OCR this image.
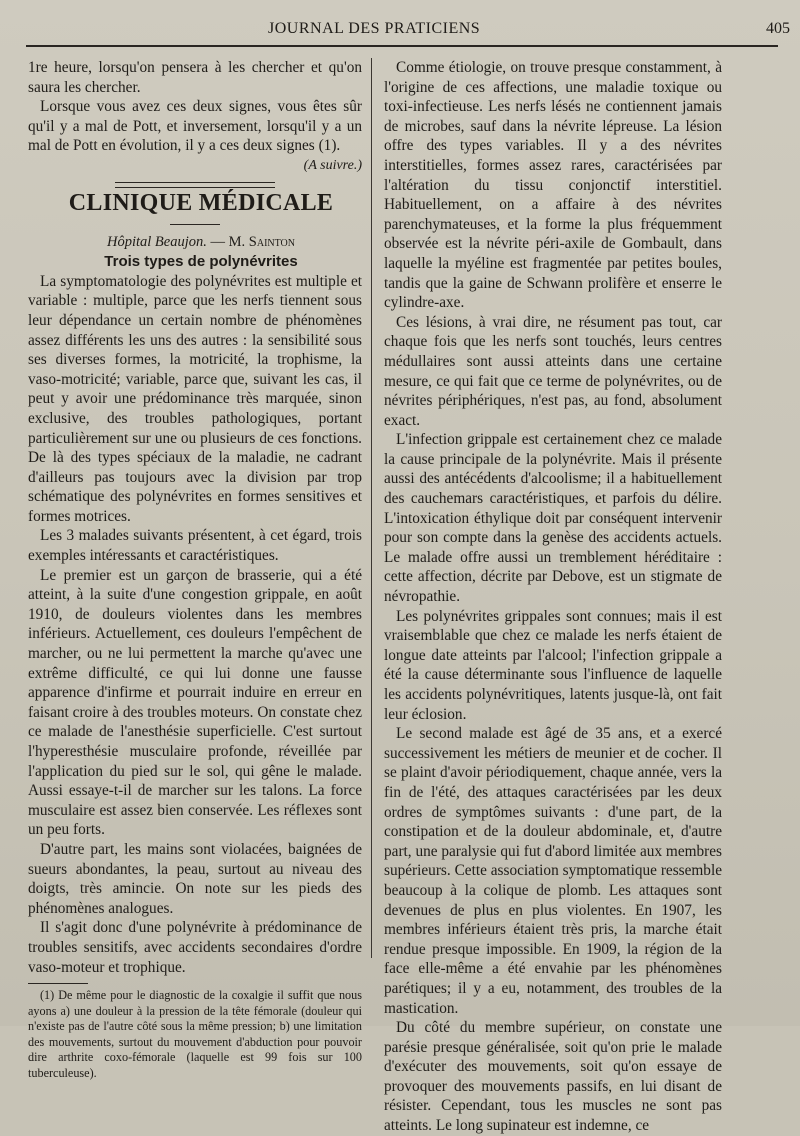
JOURNAL DES PRATICIENS	405

1re heure, lorsqu'on pensera à les chercher et qu'on saura les chercher.

Lorsque vous avez ces deux signes, vous êtes sûr qu'il y a mal de Pott, et inversement, lorsqu'il y a un mal de Pott en évolution, il y a ces deux signes (1).

(A suivre.)

CLINIQUE MÉDICALE

Hôpital Beaujon. — M. Sainton

Trois types de polynévrites

La symptomatologie des polynévrites est multiple et variable : multiple, parce que les nerfs tiennent sous leur dépendance un certain nombre de phénomènes assez différents les uns des autres : la sensibilité sous ses diverses formes, la motricité, la trophisme, la vaso-motricité; variable, parce que, suivant les cas, il peut y avoir une prédominance très marquée, sinon exclusive, des troubles pathologiques, portant particulièrement sur une ou plusieurs de ces fonctions. De là des types spéciaux de la maladie, ne cadrant d'ailleurs pas toujours avec la division par trop schématique des polynévrites en formes sensitives et formes motrices.

Les 3 malades suivants présentent, à cet égard, trois exemples intéressants et caractéristiques.

Le premier est un garçon de brasserie, qui a été atteint, à la suite d'une congestion grippale, en août 1910, de douleurs violentes dans les membres inférieurs. Actuellement, ces douleurs l'empêchent de marcher, ou ne lui permettent la marche qu'avec une extrême difficulté, ce qui lui donne une fausse apparence d'infirme et pourrait induire en erreur en faisant croire à des troubles moteurs. On constate chez ce malade de l'anesthésie superficielle. C'est surtout l'hyperesthésie musculaire profonde, réveillée par l'application du pied sur le sol, qui gêne le malade. Aussi essaye-t-il de marcher sur les talons. La force musculaire est assez bien conservée. Les réflexes sont un peu forts.

D'autre part, les mains sont violacées, baignées de sueurs abondantes, la peau, surtout au niveau des doigts, très amincie. On note sur les pieds des phénomènes analogues.

Il s'agit donc d'une polynévrite à prédominance de troubles sensitifs, avec accidents secondaires d'ordre vaso-moteur et trophique.

(1) De même pour le diagnostic de la coxalgie il suffit que nous ayons a) une douleur à la pression de la tête fémorale (douleur qui n'existe pas de l'autre côté sous la même pression; b) une limitation des mouvements, surtout du mouvement d'abduction pour pouvoir dire arthrite coxo-fémorale (laquelle est 99 fois sur 100 tuberculeuse).

Comme étiologie, on trouve presque constamment, à l'origine de ces affections, une maladie toxique ou toxi-infectieuse. Les nerfs lésés ne contiennent jamais de microbes, sauf dans la névrite lépreuse. La lésion offre des types variables. Il y a des névrites interstitielles, formes assez rares, caractérisées par l'altération du tissu conjonctif interstitiel. Habituellement, on a affaire à des névrites parenchymateuses, et la forme la plus fréquemment observée est la névrite péri-axile de Gombault, dans laquelle la myéline est fragmentée par petites boules, tandis que la gaine de Schwann prolifère et enserre le cylindre-axe.

Ces lésions, à vrai dire, ne résument pas tout, car chaque fois que les nerfs sont touchés, leurs centres médullaires sont aussi atteints dans une certaine mesure, ce qui fait que ce terme de polynévrites, ou de névrites périphériques, n'est pas, au fond, absolument exact.

L'infection grippale est certainement chez ce malade la cause principale de la polynévrite. Mais il présente aussi des antécédents d'alcoolisme; il a habituellement des cauchemars caractéristiques, et parfois du délire. L'intoxication éthylique doit par conséquent intervenir pour son compte dans la genèse des accidents actuels. Le malade offre aussi un tremblement héréditaire : cette affection, décrite par Debove, est un stigmate de névropathie.

Les polynévrites grippales sont connues; mais il est vraisemblable que chez ce malade les nerfs étaient de longue date atteints par l'alcool; l'infection grippale a été la cause déterminante sous l'influence de laquelle les accidents polynévritiques, latents jusque-là, ont fait leur éclosion.

Le second malade est âgé de 35 ans, et a exercé successivement les métiers de meunier et de cocher. Il se plaint d'avoir périodiquement, chaque année, vers la fin de l'été, des attaques caractérisées par les deux ordres de symptômes suivants : d'une part, de la constipation et de la douleur abdominale, et, d'autre part, une paralysie qui fut d'abord limitée aux membres supérieurs. Cette association symptomatique ressemble beaucoup à la colique de plomb. Les attaques sont devenues de plus en plus violentes. En 1907, les membres inférieurs étaient très pris, la marche était rendue presque impossible. En 1909, la région de la face elle-même a été envahie par les phénomènes parétiques; il y a eu, notamment, des troubles de la mastication.

Du côté du membre supérieur, on constate une parésie presque généralisée, soit qu'on prie le malade d'exécuter des mouvements, soit qu'on essaye de provoquer des mouvements passifs, en lui disant de résister. Cependant, tous les muscles ne sont pas atteints. Le long supinateur est indemne, ce
